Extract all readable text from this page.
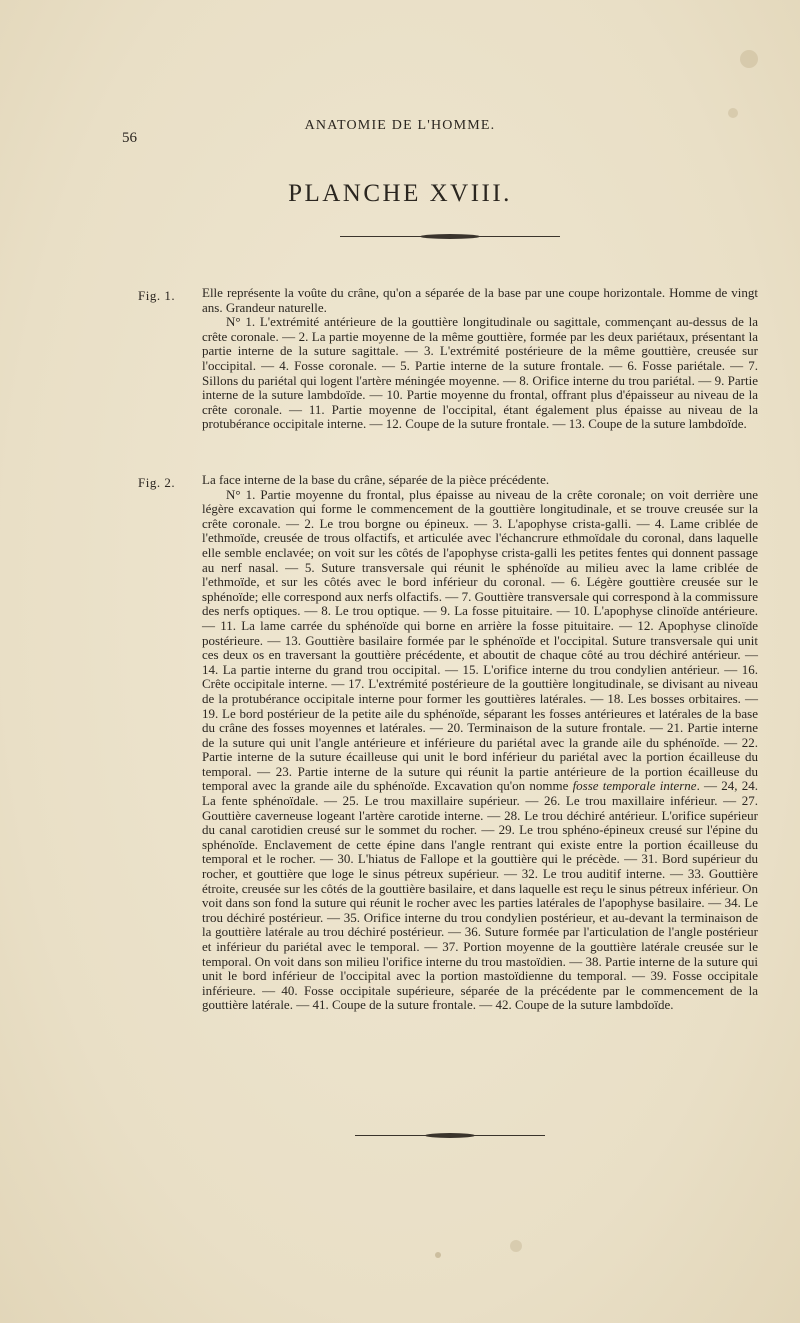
56
ANATOMIE DE L'HOMME.
PLANCHE XVIII.
Fig. 1. Elle représente la voûte du crâne, qu'on a séparée de la base par une coupe horizontale. Homme de vingt ans. Grandeur naturelle.

N° 1. L'extrémité antérieure de la gouttière longitudinale ou sagittale, commençant au-dessus de la crête coronale. — 2. La partie moyenne de la même gouttière, formée par les deux pariétaux, présentant la partie interne de la suture sagittale. — 3. L'extrémité postérieure de la même gouttière, creusée sur l'occipital. — 4. Fosse coronale. — 5. Partie interne de la suture frontale. — 6. Fosse pariétale. — 7. Sillons du pariétal qui logent l'artère méningée moyenne. — 8. Orifice interne du trou pariétal. — 9. Partie interne de la suture lambdoïde. — 10. Partie moyenne du frontal, offrant plus d'épaisseur au niveau de la crête coronale. — 11. Partie moyenne de l'occipital, étant également plus épaisse au niveau de la protubérance occipitale interne. — 12. Coupe de la suture frontale. — 13. Coupe de la suture lambdoïde.

Fig. 2. La face interne de la base du crâne, séparée de la pièce précédente.

N° 1. Partie moyenne du frontal, plus épaisse au niveau de la crête coronale; on voit derrière une légère excavation qui forme le commencement de la gouttière longitudinale, et se trouve creusée sur la crête coronale. — 2. Le trou borgne ou épineux. — 3. L'apophyse crista-galli. — 4. Lame criblée de l'ethmoïde, creusée de trous olfactifs, et articulée avec l'échancrure ethmoïdale du coronal, dans laquelle elle semble enclavée; on voit sur les côtés de l'apophyse crista-galli les petites fentes qui donnent passage au nerf nasal. — 5. Suture transversale qui réunit le sphénoïde au milieu avec la lame criblée de l'ethmoïde, et sur les côtés avec le bord inférieur du coronal. — 6. Légère gouttière creusée sur le sphénoïde; elle correspond aux nerfs olfactifs. — 7. Gouttière transversale qui correspond à la commissure des nerfs optiques. — 8. Le trou optique. — 9. La fosse pituitaire. — 10. L'apophyse clinoïde antérieure. — 11. La lame carrée du sphénoïde qui borne en arrière la fosse pituitaire. — 12. Apophyse clinoïde postérieure. — 13. Gouttière basilaire formée par le sphénoïde et l'occipital. Suture transversale qui unit ces deux os en traversant la gouttière précédente, et aboutit de chaque côté au trou déchiré antérieur. — 14. La partie interne du grand trou occipital. — 15. L'orifice interne du trou condylien antérieur. — 16. Crête occipitale interne. — 17. L'extrémité postérieure de la gouttière longitudinale, se divisant au niveau de la protubérance occipitale interne pour former les gouttières latérales. — 18. Les bosses orbitaires. — 19. Le bord postérieur de la petite aile du sphénoïde, séparant les fosses antérieures et latérales de la base du crâne des fosses moyennes et latérales. — 20. Terminaison de la suture frontale. — 21. Partie interne de la suture qui unit l'angle antérieure et inférieure du pariétal avec la grande aile du sphénoïde. — 22. Partie interne de la suture écailleuse qui unit le bord inférieur du pariétal avec la portion écailleuse du temporal. — 23. Partie interne de la suture qui réunit la partie antérieure de la portion écailleuse du temporal avec la grande aile du sphénoïde. Excavation qu'on nomme fosse temporale interne. — 24, 24. La fente sphénoïdale. — 25. Le trou maxillaire supérieur. — 26. Le trou maxillaire inférieur. — 27. Gouttière caverneuse logeant l'artère carotide interne. — 28. Le trou déchiré antérieur. L'orifice supérieur du canal carotidien creusé sur le sommet du rocher. — 29. Le trou sphéno-épineux creusé sur l'épine du sphénoïde. Enclavement de cette épine dans l'angle rentrant qui existe entre la portion écailleuse du temporal et le rocher. — 30. L'hiatus de Fallope et la gouttière qui le précède. — 31. Bord supérieur du rocher, et gouttière que loge le sinus pétreux supérieur. — 32. Le trou auditif interne. — 33. Gouttière étroite, creusée sur les côtés de la gouttière basilaire, et dans laquelle est reçu le sinus pétreux inférieur. On voit dans son fond la suture qui réunit le rocher avec les parties latérales de l'apophyse basilaire. — 34. Le trou déchiré postérieur. — 35. Orifice interne du trou condylien postérieur, et au-devant la terminaison de la gouttière latérale au trou déchiré postérieur. — 36. Suture formée par l'articulation de l'angle postérieur et inférieur du pariétal avec le temporal. — 37. Portion moyenne de la gouttière latérale creusée sur le temporal. On voit dans son milieu l'orifice interne du trou mastoïdien. — 38. Partie interne de la suture qui unit le bord inférieur de l'occipital avec la portion mastoïdienne du temporal. — 39. Fosse occipitale inférieure. — 40. Fosse occipitale supérieure, séparée de la précédente par le commencement de la gouttière latérale. — 41. Coupe de la suture frontale. — 42. Coupe de la suture lambdoïde.
